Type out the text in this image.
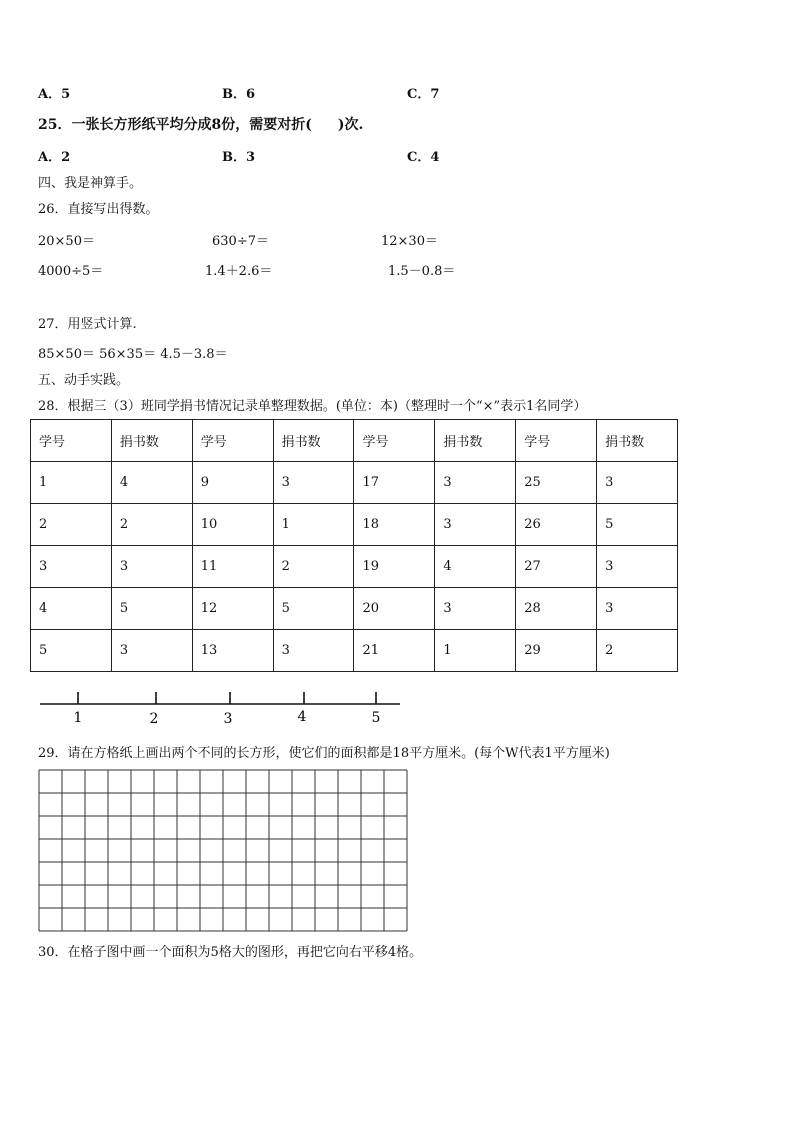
A．5	B．6	C．7
25．一张长方形纸平均分成8份，需要对折( )次.
A．2	B．3	C．4
四、我是神算手。
26．直接写出得数。
20×50＝	630÷7＝	12×30＝
4000÷5＝	1.4＋2.6＝	1.5－0.8＝
27．用竖式计算.
85×50＝ 56×35＝ 4.5－3.8＝
五、动手实践。
28．根据三（3）班同学捐书情况记录单整理数据。(单位：本)（整理时一个“×”表示1名同学）
学号	捐书数	学号	捐书数	学号	捐书数	学号	捐书数
1	4	9	3	17	3	25	3
2	2	10	1	18	3	26	5
3	3	11	2	19	4	27	3
4	5	12	5	20	3	28	3
5	3	13	3	21	1	29	2
1	2	3	4	5
29．请在方格纸上画出两个不同的长方形，使它们的面积都是18平方厘米。(每个W代表1平方厘米)
30．在格子图中画一个面积为5格大的图形，再把它向右平移4格。
